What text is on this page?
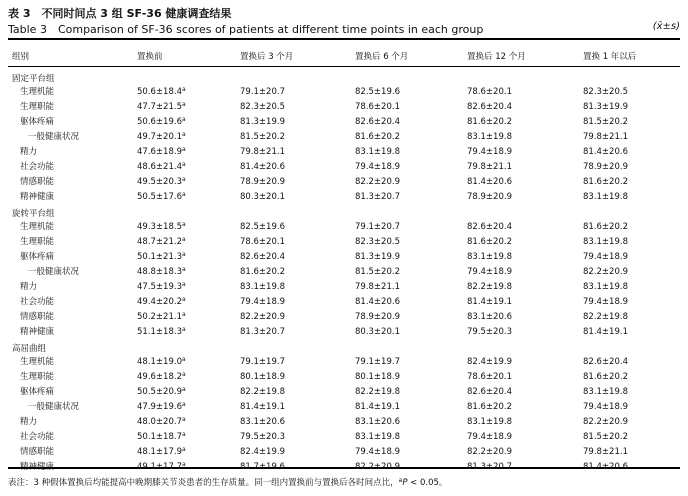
表 3　不同时间点 3 组 SF-36 健康调查结果
Table 3　Comparison of SF-36 scores of patients at different time points in each group	(x̄±s)
组别	置换前	置换后 3 个月	置换后 6 个月	置换后 12 个月	置换 1 年以后
固定平台组
生理机能	50.6±18.4$^a$	79.1±20.7	82.5±19.6	78.6±20.1	82.3±20.5
生理职能	47.7±21.5$^a$	82.3±20.5	78.6±20.1	82.6±20.4	81.3±19.9
躯体疼痛	50.6±19.6$^a$	81.3±19.9	82.6±20.4	81.6±20.2	81.5±20.2
一般健康状况	49.7±20.1$^a$	81.5±20.2	81.6±20.2	83.1±19.8	79.8±21.1
精力	47.6±18.9$^a$	79.8±21.1	83.1±19.8	79.4±18.9	81.4±20.6
社会功能	48.6±21.4$^a$	81.4±20.6	79.4±18.9	79.8±21.1	78.9±20.9
情感职能	49.5±20.3$^a$	78.9±20.9	82.2±20.9	81.4±20.6	81.6±20.2
精神健康	50.5±17.6$^a$	80.3±20.1	81.3±20.7	78.9±20.9	83.1±19.8
旋转平台组
生理机能	49.3±18.5$^a$	82.5±19.6	79.1±20.7	82.6±20.4	81.6±20.2
生理职能	48.7±21.2$^a$	78.6±20.1	82.3±20.5	81.6±20.2	83.1±19.8
躯体疼痛	50.1±21.3$^a$	82.6±20.4	81.3±19.9	83.1±19.8	79.4±18.9
一般健康状况	48.8±18.3$^a$	81.6±20.2	81.5±20.2	79.4±18.9	82.2±20.9
精力	47.5±19.3$^a$	83.1±19.8	79.8±21.1	82.2±19.8	83.1±19.8
社会功能	49.4±20.2$^a$	79.4±18.9	81.4±20.6	81.4±19.1	79.4±18.9
情感职能	50.2±21.1$^a$	82.2±20.9	78.9±20.9	83.1±20.6	82.2±19.8
精神健康	51.1±18.3$^a$	81.3±20.7	80.3±20.1	79.5±20.3	81.4±19.1
高屈曲组
生理机能	48.1±19.0$^a$	79.1±19.7	79.1±19.7	82.4±19.9	82.6±20.4
生理职能	49.6±18.2$^a$	80.1±18.9	80.1±18.9	78.6±20.1	81.6±20.2
躯体疼痛	50.5±20.9$^a$	82.2±19.8	82.2±19.8	82.6±20.4	83.1±19.8
一般健康状况	47.9±19.6$^a$	81.4±19.1	81.4±19.1	81.6±20.2	79.4±18.9
精力	48.0±20.7$^a$	83.1±20.6	83.1±20.6	83.1±19.8	82.2±20.9
社会功能	50.1±18.7$^a$	79.5±20.3	83.1±19.8	79.4±18.9	81.5±20.2
情感职能	48.1±17.9$^a$	82.4±19.9	79.4±18.9	82.2±20.9	79.8±21.1
精神健康	49.1±17.7$^a$	81.7±19.6	82.2±20.9	81.3±20.7	81.4±20.6
表注：3 种假体置换后均能提高中晚期膝关节炎患者的生存质量。同一组内置换前与置换后各时间点比，$^a$P < 0.05。
